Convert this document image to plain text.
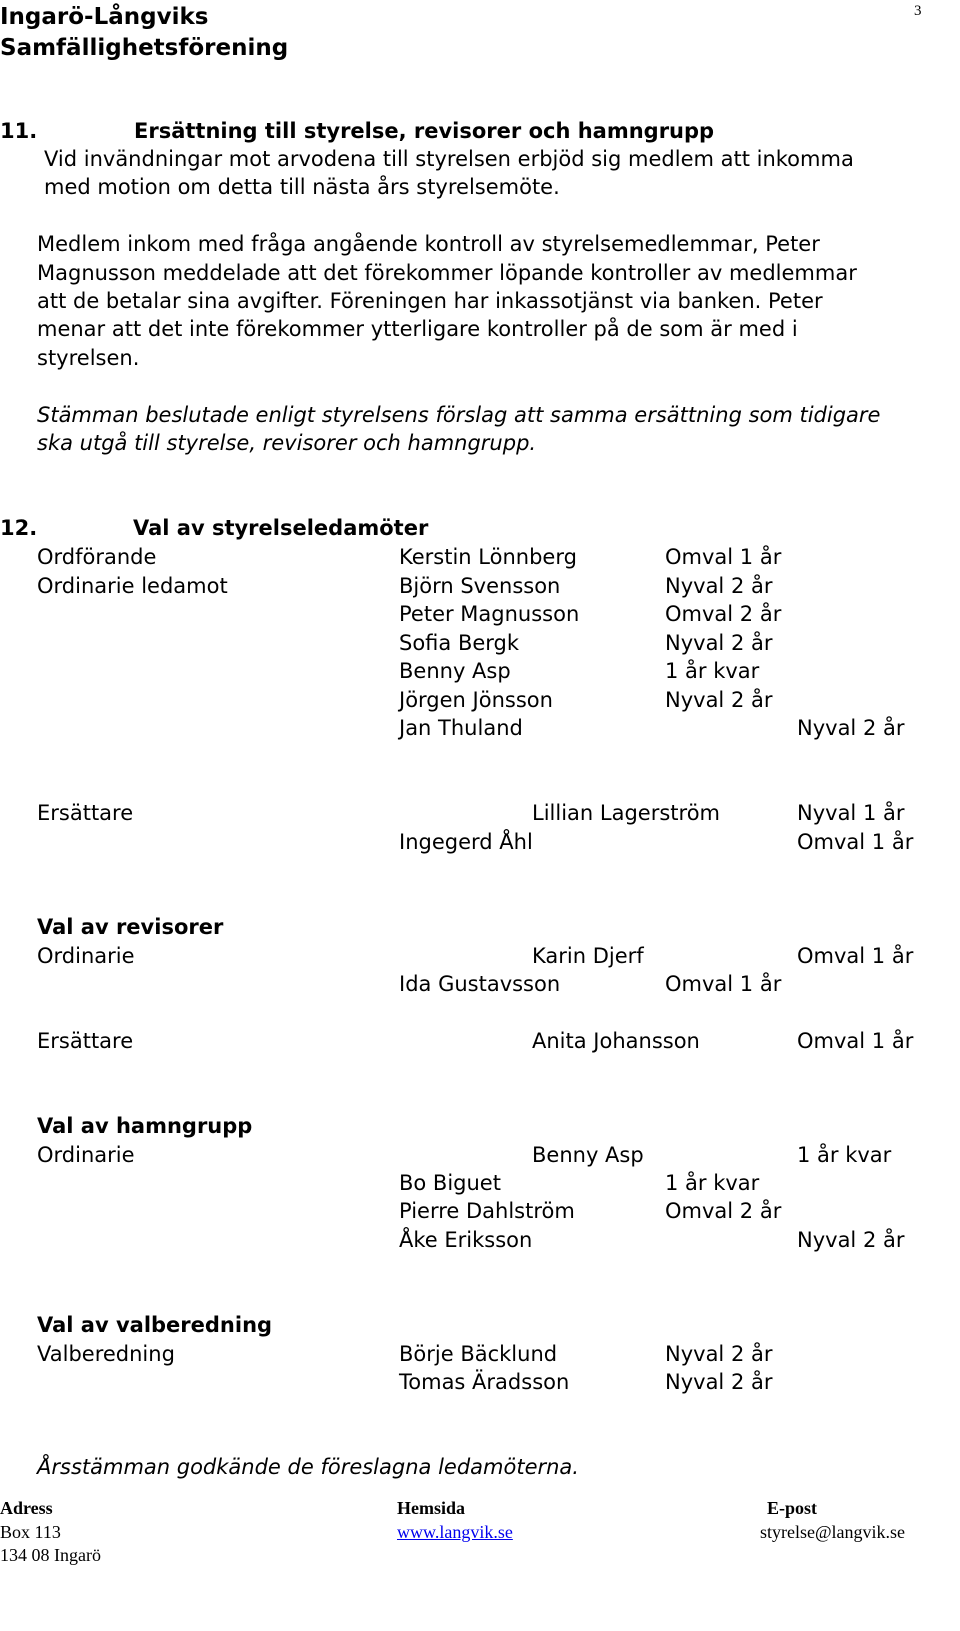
Ingarö-Långviks
Samfällighetsförening
3
11.	Ersättning till styrelse, revisorer och hamngrupp
Vid invändningar mot arvodena till styrelsen erbjöd sig medlem att inkomma
med motion om detta till nästa års styrelsemöte.
Medlem inkom med fråga angående kontroll av styrelsemedlemmar, Peter
Magnusson meddelade att det förekommer löpande kontroller av medlemmar
att de betalar sina avgifter. Föreningen har inkassotjänst via banken. Peter
menar att det inte förekommer ytterligare kontroller på de som är med i
styrelsen.
Stämman beslutade enligt styrelsens förslag att samma ersättning som tidigare
ska utgå till styrelse, revisorer och hamngrupp.
12.	Val av styrelseledamöter
Ordförande	Kerstin Lönnberg	Omval 1 år
Ordinarie ledamot	Björn Svensson	Nyval 2 år
Peter Magnusson	Omval 2 år
Sofia Bergk	Nyval 2 år
Benny Asp	1 år kvar
Jörgen Jönsson	Nyval 2 år
Jan Thuland	Nyval 2 år
Ersättare	Lillian Lagerström	Nyval 1 år
Ingegerd Åhl	Omval 1 år
Val av revisorer
Ordinarie	Karin Djerf	Omval 1 år
Ida Gustavsson	Omval 1 år
Ersättare	Anita Johansson	Omval 1 år
Val av hamngrupp
Ordinarie	Benny Asp	1 år kvar
Bo Biguet	1 år kvar
Pierre Dahlström	Omval 2 år
Åke Eriksson	Nyval 2 år
Val av valberedning
Valberedning	Börje Bäcklund	Nyval 2 år
Tomas Äradsson	Nyval 2 år
Årsstämman godkände de föreslagna ledamöterna.
Adress
Box 113
134 08 Ingarö
Hemsida
www.langvik.se
E-post
styrelse@langvik.se
